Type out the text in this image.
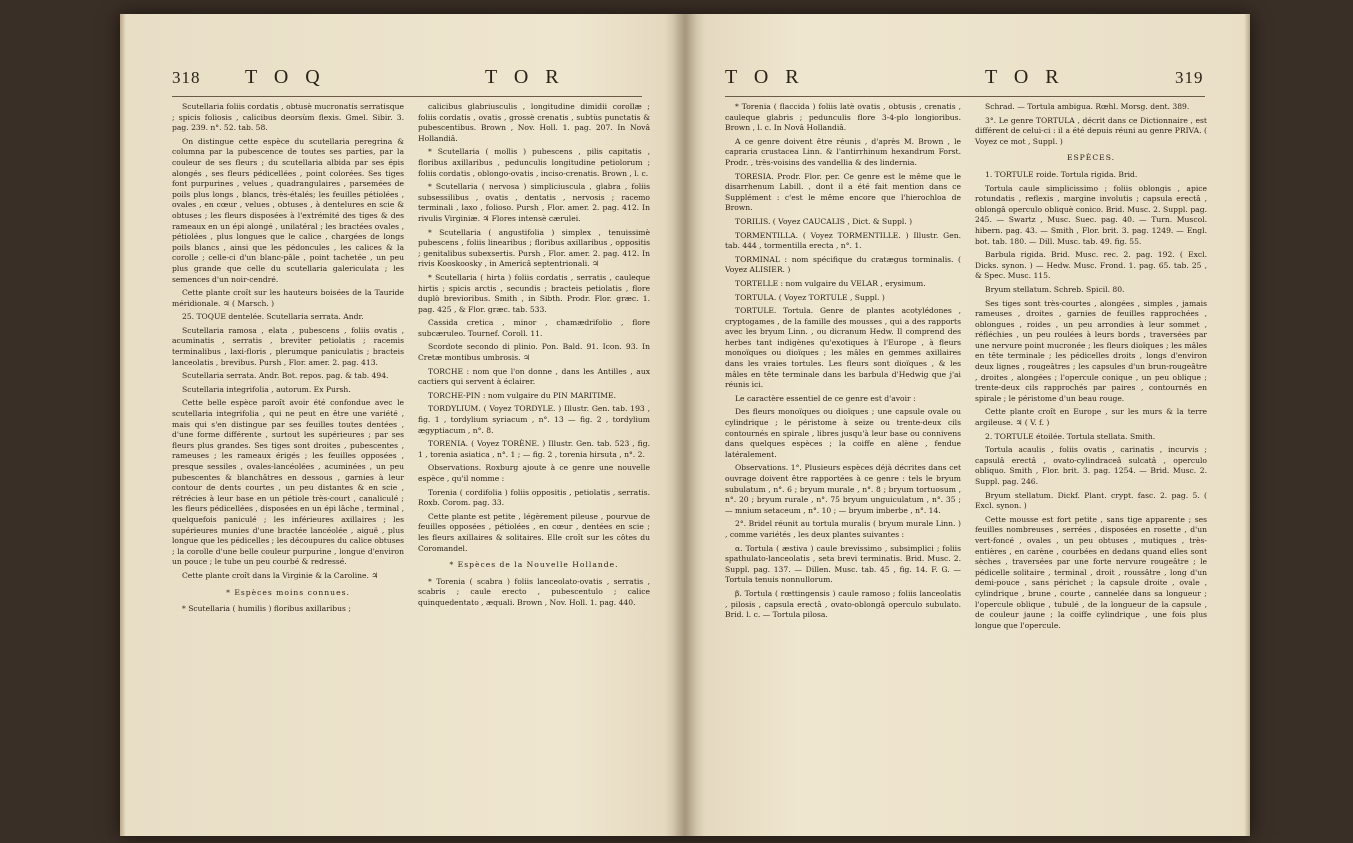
318 T O Q	T O R

Scutellaria foliis cordatis , obtusè mucronatis serratisque ; spicis foliosis , calicibus deorsùm flexis. Gmel. Sibir. 3. pag. 239. n°. 52. tab. 58.

On distingue cette espèce du scutellaria peregrina & columna par la pubescence de toutes ses parties, par la couleur de ses fleurs ; du scutellaria albida par ses épis alongés , ses fleurs pédicellées , point colorées. Ses tiges font purpurines , velues , quadrangulaires , parsemées de poils plus longs , blancs, très-étalés; les feuilles pétiolées , ovales , en cœur , velues , obtuses , à dentelures en scie & obtuses ; les fleurs disposées à l'extrémité des tiges & des rameaux en un épi alongé , unilatéral ; les bractées ovales , pétiolées , plus longues que le calice , chargées de longs poils blancs , ainsi que les pédoncules , les calices & la corolle ; celle-ci d'un blanc-pâle , point tachetée , un peu plus grande que celle du scutellaria galericulata ; les semences d'un noir-cendré.

Cette plante croît sur les hauteurs boisées de la Tauride méridionale. ♃ ( Marsch. )

25. TOQUE dentelée. Scutellaria serrata. Andr.

Scutellaria ramosa , elata , pubescens , foliis ovatis , acuminatis , serratis , breviter petiolatis ; racemis terminalibus , laxi-floris , plerumque paniculatis ; bracteis lanceolatis , brevibus. Pursh , Flor. amer. 2. pag. 413.

Scutellaria serrata. Andr. Bot. repos. pag. & tab. 494.

Scutellaria integrifolia , autorum. Ex Pursh.

Cette belle espèce paroît avoir été confondue avec le scutellaria integrifolia , qui ne peut en être une variété , mais qui s'en distingue par ses feuilles toutes dentées , d'une forme différente , surtout les supérieures ; par ses fleurs plus grandes. Ses tiges sont droites , pubescentes , rameuses ; les rameaux érigés ; les feuilles opposées , presque sessiles , ovales-lancéolées , acuminées , un peu pubescentes & blanchâtres en dessous , garnies à leur contour de dents courtes , un peu distantes & en scie , rétrécies à leur base en un pétiole très-court , canaliculé ; les fleurs pédicellées , disposées en un épi lâche , terminal , quelquefois paniculé ; les inférieures axillaires ; les supérieures munies d'une bractée lancéolée , aiguë , plus longue que les pédicelles ; les découpures du calice obtuses ; la corolle d'une belle couleur purpurine , longue d'environ un pouce ; le tube un peu courbé & redressé.

Cette plante croît dans la Virginie & la Caroline. ♃

* Espèces moins connues.

* Scutellaria ( humilis ) floribus axillaribus ;

calicibus glabriusculis , longitudine dimidii corollæ ; foliis cordatis , ovatis , grossè crenatis , subtùs punctatis & pubescentibus. Brown , Nov. Holl. 1. pag. 207. In Novâ Hollandiâ.

* Scutellaria ( mollis ) pubescens , pilis capitatis , floribus axillaribus , pedunculis longitudine petiolorum ; foliis cordatis , oblongo-ovatis , inciso-crenatis. Brown , l. c.

* Scutellaria ( nervosa ) simpliciuscula , glabra , foliis subsessilibus , ovatis , dentatis , nervosis ; racemo terminali , laxo , folioso. Pursh , Flor. amer. 2. pag. 412. In rivulis Virginiæ. ♃ Flores intensè cærulei.

* Scutellaria ( angustifolia ) simplex , tenuissimè pubescens , foliis linearibus ; floribus axillaribus , oppositis ; genitalibus subexsertis. Pursh , Flor. amer. 2. pag. 412. In rivis Kooskoosky , in Americâ septentrionali. ♃

* Scutellaria ( hirta ) foliis cordatis , serratis , cauleque hirtis ; spicis arctis , secundis ; bracteis petiolatis , flore duplò brevioribus. Smith , in Sibth. Prodr. Flor. græc. 1. pag. 425 , & Flor. græc. tab. 533.

Cassida cretica , minor , chamædrifolio , flore subcæruleo. Tournef. Coroll. 11.

Scordote secondo di plinio. Pon. Bald. 91. Icon. 93. In Cretæ montibus umbrosis. ♃

TORCHE : nom que l'on donne , dans les Antilles , aux cactiers qui servent à éclairer.

TORCHE-PIN : nom vulgaire du PIN MARITIME.

TORDYLIUM. ( Voyez TORDYLE. ) Illustr. Gen. tab. 193 , fig. 1 , tordylium syriacum , n°. 13 — fig. 2 , tordylium ægyptiacum , n°. 8.

TORENIA. ( Voyez TORÈNE. ) Illustr. Gen. tab. 523 , fig. 1 , torenia asiatica , n°. 1 ; — fig. 2 , torenia hirsuta , n°. 2.

Observations. Roxburg ajoute à ce genre une nouvelle espèce , qu'il nomme :

Torenia ( cordifolia ) foliis oppositis , petiolatis , serratis. Roxb. Corom. pag. 33.

Cette plante est petite , légèrement pileuse , pourvue de feuilles opposées , pétiolées , en cœur , dentées en scie ; les fleurs axillaires & solitaires. Elle croît sur les côtes du Coromandel.

* Espèces de la Nouvelle Hollande.

* Torenia ( scabra ) foliis lanceolato-ovatis , serratis , scabris ; caule erecto , pubescentulo ; calice quinquedentato , æquali. Brown , Nov. Holl. 1. pag. 440.

T O R	T O R	319

* Torenia ( flaccida ) foliis latè ovatis , obtusis , crenatis , cauleque glabris ; pedunculis flore 3-4-plo longioribus. Brown , l. c. In Novâ Hollandiâ.

A ce genre doivent être réunis , d'après M. Brown , le capraria crustacea Linn. & l'antirrhinum hexandrum Forst. Prodr. , très-voisins des vandellia & des lindernia.

TORESIA. Prodr. Flor. per. Ce genre est le même que le disarrhenum Labill. , dont il a été fait mention dans ce Supplément : c'est le même encore que l'hierochloa de Brown.

TORILIS. ( Voyez CAUCALIS , Dict. & Suppl. )

TORMENTILLA. ( Voyez TORMENTILLE. ) Illustr. Gen. tab. 444 , tormentilla erecta , n°. 1.

TORMINAL : nom spécifique du cratægus torminalis. ( Voyez ALISIER. )

TORTELLE : nom vulgaire du VELAR , erysimum.

TORTULA. ( Voyez TORTULE , Suppl. )

TORTULE. Tortula. Genre de plantes acotylédones , cryptogames , de la famille des mousses , qui a des rapports avec les bryum Linn. , ou dicranum Hedw. Il comprend des herbes tant indigènes qu'exotiques à l'Europe , à fleurs monoïques ou dioïques ; les mâles en gemmes axillaires dans les vraies tortules. Les fleurs sont dioïques , & les mâles en tête terminale dans les barbula d'Hedwig que j'ai réunis ici.

Le caractère essentiel de ce genre est d'avoir :

Des fleurs monoïques ou dioïques ; une capsule ovale ou cylindrique ; le péristome à seize ou trente-deux cils contournés en spirale , libres jusqu'à leur base ou connivens dans quelques espèces ; la coiffe en alène , fendue latéralement.

Observations. 1°. Plusieurs espèces déjà décrites dans cet ouvrage doivent être rapportées à ce genre : tels le bryum subulatum , n°. 6 ; bryum murale , n°. 8 ; bryum tortuosum , n°. 20 ; bryum rurale , n°. 75 bryum unguiculatum , n°. 35 ; — mnium setaceum , n°. 10 ; — bryum imberbe , n°. 14.

2°. Bridel réunit au tortula muralis ( bryum murale Linn. ) , comme variétés , les deux plantes suivantes :

α. Tortula ( æstiva ) caule brevissimo , subsimplici ; foliis spathulato-lanceolatis , seta brevi terminatis. Brid. Musc. 2. Suppl. pag. 137. — Dillen. Musc. tab. 45 , fig. 14. F. G. — Tortula tenuis nonnullorum.

β. Tortula ( rœttingensis ) caule ramoso ; foliis lanceolatis , pilosis , capsula erectâ , ovato-oblongâ operculo subulato. Brid. l. c. — Tortula pilosa.

Schrad. — Tortula ambigua. Rœhl. Morsg. dent. 389.

3°. Le genre TORTULA , décrit dans ce Dictionnaire , est différent de celui-ci : il a été depuis réuni au genre PRIVA. ( Voyez ce mot , Suppl. )

ESPÈCES.

1. TORTULE roide. Tortula rigida. Brid.

Tortula caule simplicissimo ; foliis oblongis , apice rotundatis , reflexis , margine involutis ; capsula erectâ , oblongâ operculo obliquè conico. Brid. Musc. 2. Suppl. pag. 245. — Swartz , Musc. Suec. pag. 40. — Turn. Muscol. hibern. pag. 43. — Smith , Flor. brit. 3. pag. 1249. — Engl. bot. tab. 180. — Dill. Musc. tab. 49. fig. 55.

Barbula rigida. Brid. Musc. rec. 2. pag. 192. ( Excl. Dicks. synon. ) — Hedw. Musc. Frond. 1. pag. 65. tab. 25 , & Spec. Musc. 115.

Bryum stellatum. Schreb. Spicil. 80.

Ses tiges sont très-courtes , alongées , simples , jamais rameuses , droites , garnies de feuilles rapprochées , oblongues , roides , un peu arrondies à leur sommet , réfléchies , un peu roulées à leurs bords , traversées par une nervure point mucronée ; les fleurs dioïques ; les mâles en tête terminale ; les pédicelles droits , longs d'environ deux lignes , rougeâtres ; les capsules d'un brun-rougeâtre , droites , alongées ; l'opercule conique , un peu oblique ; trente-deux cils rapprochés par paires , contournés en spirale ; le péristome d'un beau rouge.

Cette plante croît en Europe , sur les murs & la terre argileuse. ♃ ( V. f. )

2. TORTULE étoilée. Tortula stellata. Smith.

Tortula acaulis , foliis ovatis , carinatis , incurvis ; capsulâ erectâ , ovato-cylindraceâ sulcatâ , operculo obliquo. Smith , Flor. brit. 3. pag. 1254. — Brid. Musc. 2. Suppl. pag. 246.

Bryum stellatum. Dickf. Plant. crypt. fasc. 2. pag. 5. ( Excl. synon. )

Cette mousse est fort petite , sans tige apparente ; ses feuilles nombreuses , serrées , disposées en rosette , d'un vert-foncé , ovales , un peu obtuses , mutiques , très-entières , en carène , courbées en dedans quand elles sont sèches , traversées par une forte nervure rougeâtre ; le pédicelle solitaire , terminal , droit , roussâtre , long d'un demi-pouce , sans périchet ; la capsule droite , ovale , cylindrique , brune , courte , cannelée dans sa longueur ; l'opercule oblique , tubulé , de la longueur de la capsule , de couleur jaune ; la coiffe cylindrique , une fois plus longue que l'opercule.
